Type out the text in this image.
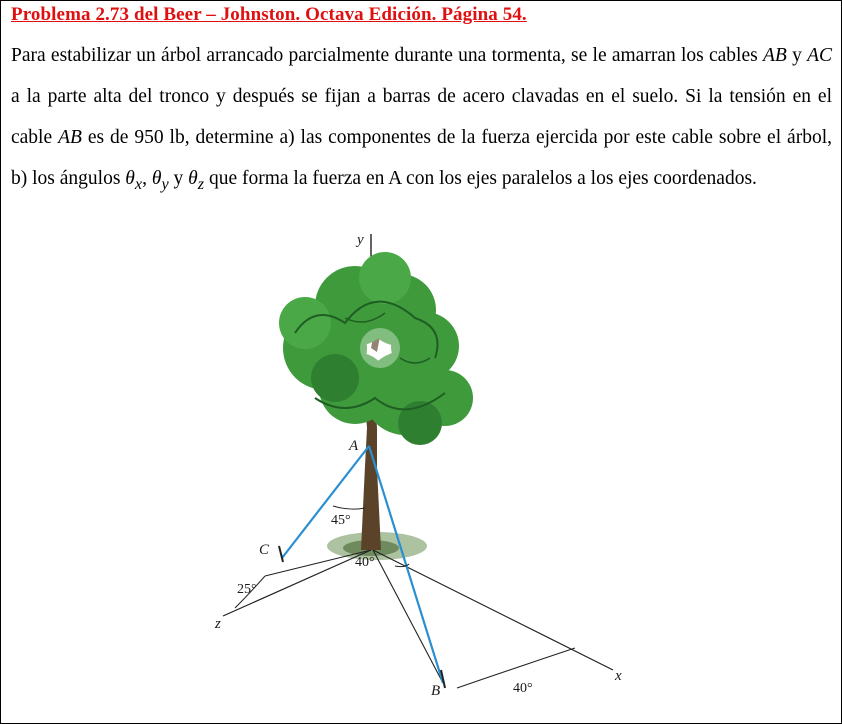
Problema 2.73 del Beer – Johnston. Octava Edición. Página 54.
Para estabilizar un árbol arrancado parcialmente durante una tormenta, se le amarran los cables AB y AC a la parte alta del tronco y después se fijan a barras de acero clavadas en el suelo. Si la tensión en el cable AB es de 950 lb, determine a) las componentes de la fuerza ejercida por este cable sobre el árbol, b) los ángulos $\theta_x$, $\theta_y$ y $\theta_z$ que forma la fuerza en A con los ejes paralelos a los ejes coordenados.
y
x
z
A
B
C
45°
40°
25°
40°
